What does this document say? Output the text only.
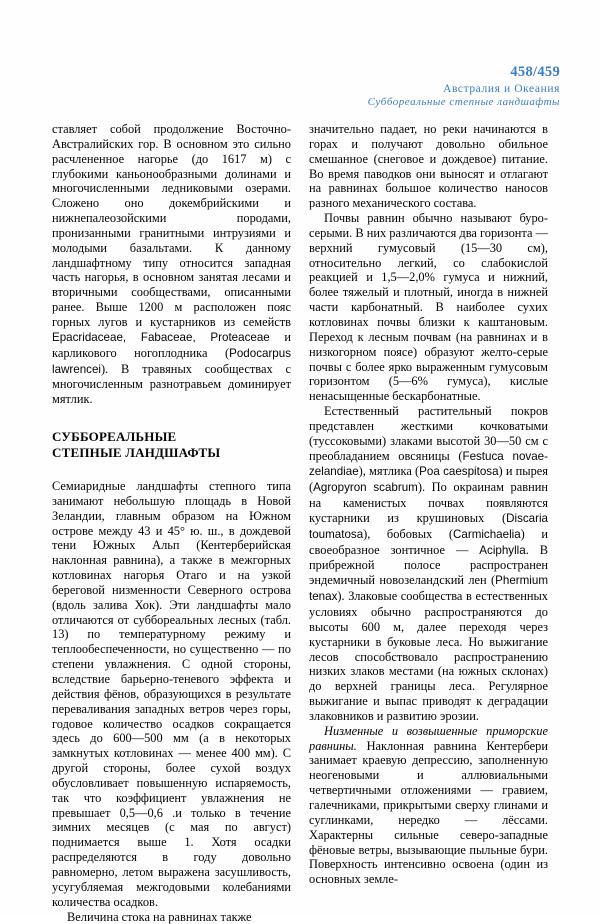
458/459
Австралия и Океания
Субборeальные степные ландшафты

ставляет собой продолжение Восточно-Австралийских гор. В основном это сильно расчлененное нагорье (до 1617 м) с глубокими каньонообразными долинами и многочисленными ледниковыми озерами. Сложено оно докембрийскими и нижнепалеозойскими породами, пронизанными гранитными интрузиями и молодыми базальтами. К данному ландшафтному типу относится западная часть нагорья, в основном занятая лесами и вторичными сообществами, описанными ранее. Выше 1200 м расположен пояс горных лугов и кустарников из семейств Epacridaceae, Fabaceae, Proteaceae и карликового ногоплодника (Podocarpus lawrencei). В травяных сообществах с многочисленным разнотравьем доминирует мятлик.

СУББОРЕАЛЬНЫЕ
СТЕПНЫЕ ЛАНДШАФТЫ

Семиаридные ландшафты степного типа занимают небольшую площадь в Новой Зеландии, главным образом на Южном острове между 43 и 45° ю. ш., в дождевой тени Южных Альп (Кентерберийская наклонная равнина), а также в межгорных котловинах нагорья Отаго и на узкой береговой низменности Северного острова (вдоль залива Хок). Эти ландшафты мало отличаются от субборeальных лесных (табл. 13) по температурному режиму и теплообеспеченности, но существенно — по степени увлажнения. С одной стороны, вследствие барьерно-теневого эффекта и действия фёнов, образующихся в результате переваливания западных ветров через горы, годовое количество осадков сокращается здесь до 600—500 мм (а в некоторых замкнутых котловинах — менее 400 мм). С другой стороны, более сухой воздух обусловливает повышенную испаряемость, так что коэффициент увлажнения не превышает 0,5—0,6 .и только в течение зимних месяцев (с мая по август) поднимается выше 1. Хотя осадки распределяются в году довольно равномерно, летом выражена засушливость, усугубляемая межгодовыми колебаниями количества осадков.

Величина стока на равнинах также

значительно падает, но реки начинаются в горах и получают довольно обильное смешанное (снеговое и дождевое) питание. Во время паводков они выносят и отлагают на равнинах большое количество наносов разного механического состава.

Почвы равнин обычно называют буро-серыми. В них различаются два горизонта — верхний гумусовый (15—30 см), относительно легкий, со слабокислой реакцией и 1,5—2,0% гумуса и нижний, более тяжелый и плотный, иногда в нижней части карбонатный. В наиболее сухих котловинах почвы близки к каштановым. Переход к лесным почвам (на равнинах и в низкогорном поясе) образуют желто-серые почвы с более ярко выраженным гумусовым горизонтом (5—6% гумуса), кислые ненасыщенные бескарбонатные.

Естественный растительный покров представлен жесткими кочковатыми (туссоковыми) злаками высотой 30—50 см с преобладанием овсяницы (Festuca novae-zelandiae), мятлика (Poa caespitosa) и пырея (Agropyron scabrum). По окраинам равнин на каменистых почвах появляются кустарники из крушиновых (Discaria toumatosa), бобовых (Carmichaelia) и своеобразное зонтичное — Aciphylla. В прибрежной полосе распространен эндемичный новозеландский лен (Phermium tenax). Злаковые сообщества в естественных условиях обычно распространяются до высоты 600 м, далее переходя через кустарники в буковые леса. Но выжигание лесов способствовало распространению низких злаков местами (на южных склонах) до верхней границы леса. Регулярное выжигание и выпас приводят к деградации злаковников и развитию эрозии.

Низменные и возвышенные приморские равнины. Наклонная равнина Кентербери занимает краевую депрессию, заполненную неогеновыми и аллювиальными четвертичными отложениями — гравием, галечниками, прикрытыми сверху глинами и суглинками, нередко — лёссами. Характерны сильные северо-западные фёновые ветры, вызывающие пыльные бури. Поверхность интенсивно освоена (один из основных земле-
